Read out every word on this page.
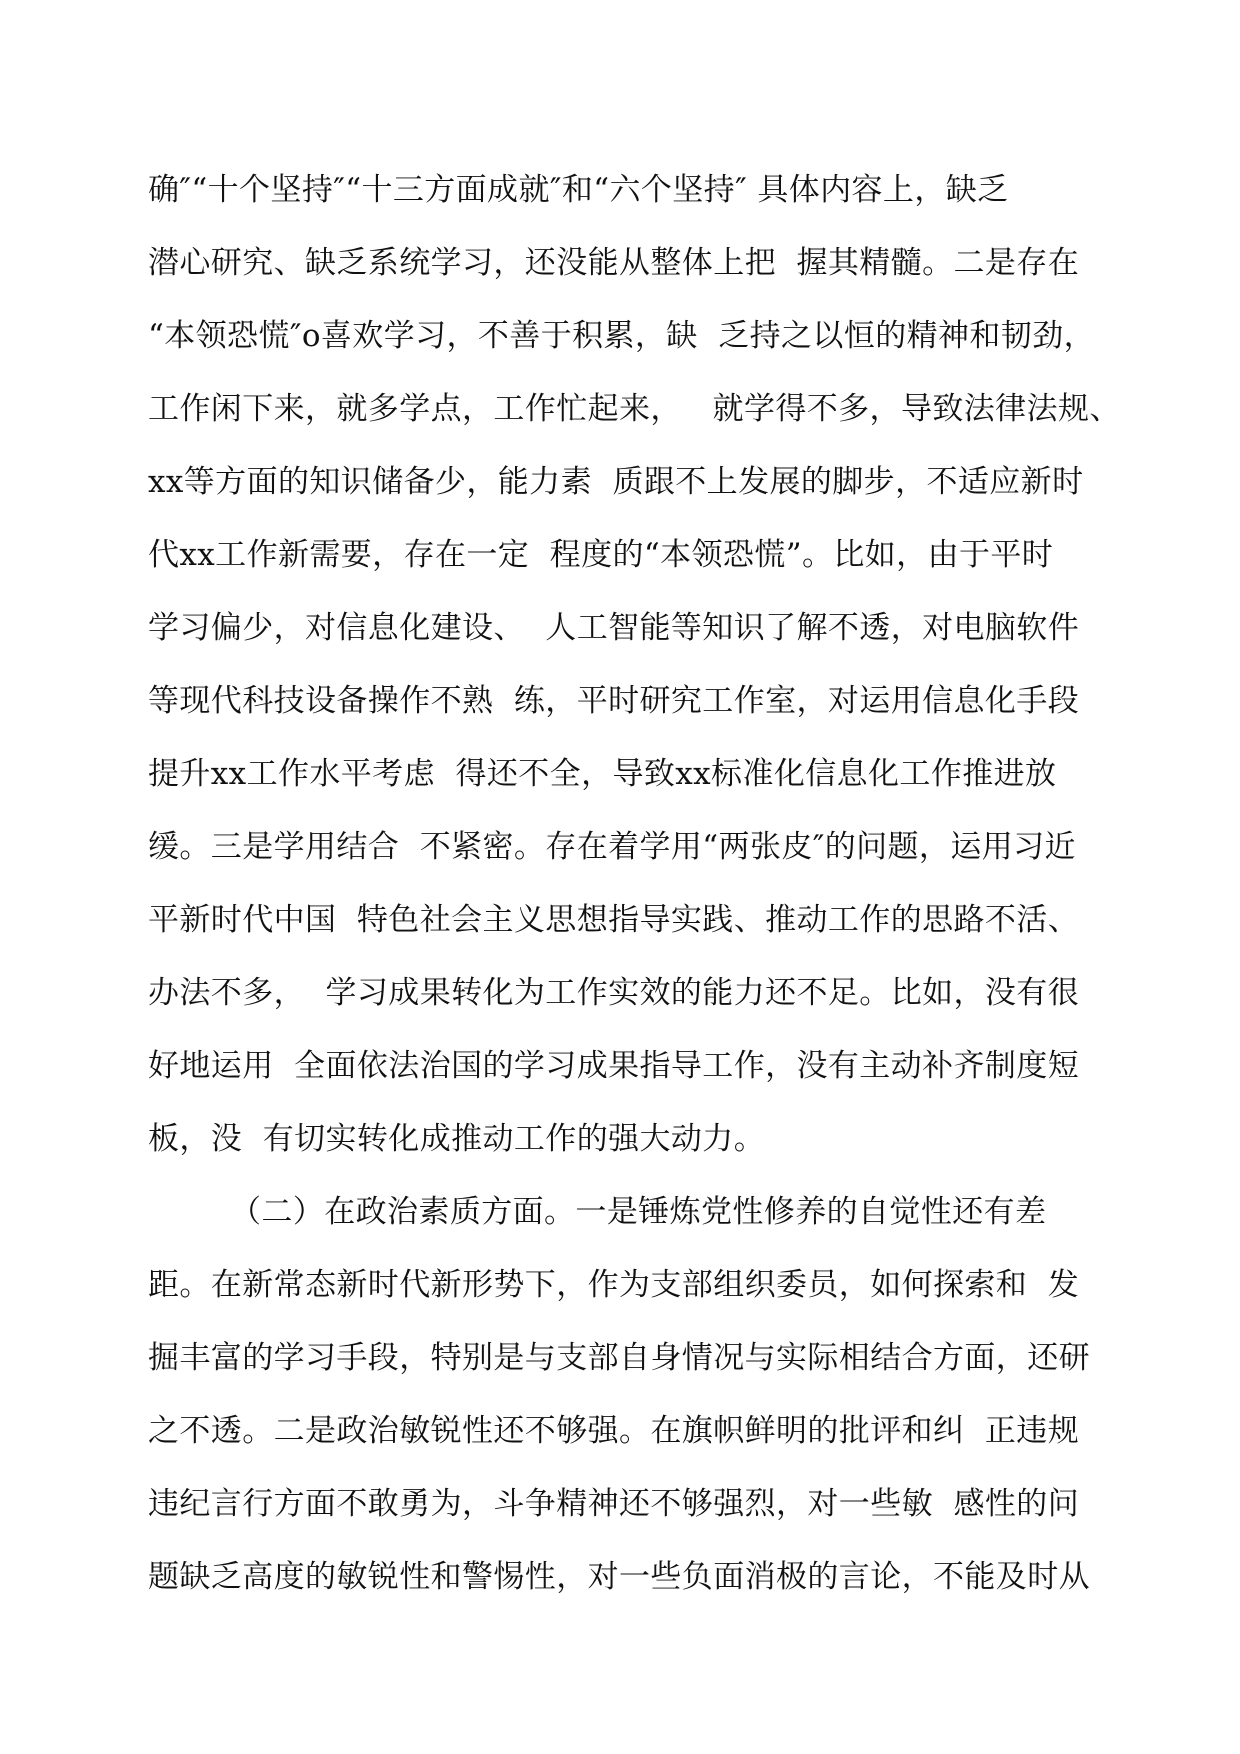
确″“十个坚持″“十三方面成就″和“六个坚持″ 具体内容上，缺乏
潜心研究、缺乏系统学习，还没能从整体上把  握其精髓。二是存在
“本领恐慌″o喜欢学习，不善于积累，缺  乏持之以恒的精神和韧劲，
工作闲下来，就多学点，工作忙起来，   就学得不多，导致法律法规、
xx等方面的知识储备少，能力素  质跟不上发展的脚步，不适应新时
代xx工作新需要，存在一定  程度的“本领恐慌”。比如，由于平时
学习偏少，对信息化建设、  人工智能等知识了解不透，对电脑软件
等现代科技设备操作不熟  练，平时研究工作室，对运用信息化手段
提升xx工作水平考虑  得还不全，导致xx标准化信息化工作推进放
缓。三是学用结合  不紧密。存在着学用“两张皮″的问题，运用习近
平新时代中国  特色社会主义思想指导实践、推动工作的思路不活、
办法不多，  学习成果转化为工作实效的能力还不足。比如，没有很
好地运用  全面依法治国的学习成果指导工作，没有主动补齐制度短
板，没  有切实转化成推动工作的强大动力。
（二）在政治素质方面。一是锤炼党性修养的自觉性还有差
距。在新常态新时代新形势下，作为支部组织委员，如何探索和  发
掘丰富的学习手段，特别是与支部自身情况与实际相结合方面，还研
之不透。二是政治敏锐性还不够强。在旗帜鲜明的批评和纠  正违规
违纪言行方面不敢勇为，斗争精神还不够强烈，对一些敏  感性的问
题缺乏高度的敏锐性和警惕性，对一些负面消极的言论，不能及时从
